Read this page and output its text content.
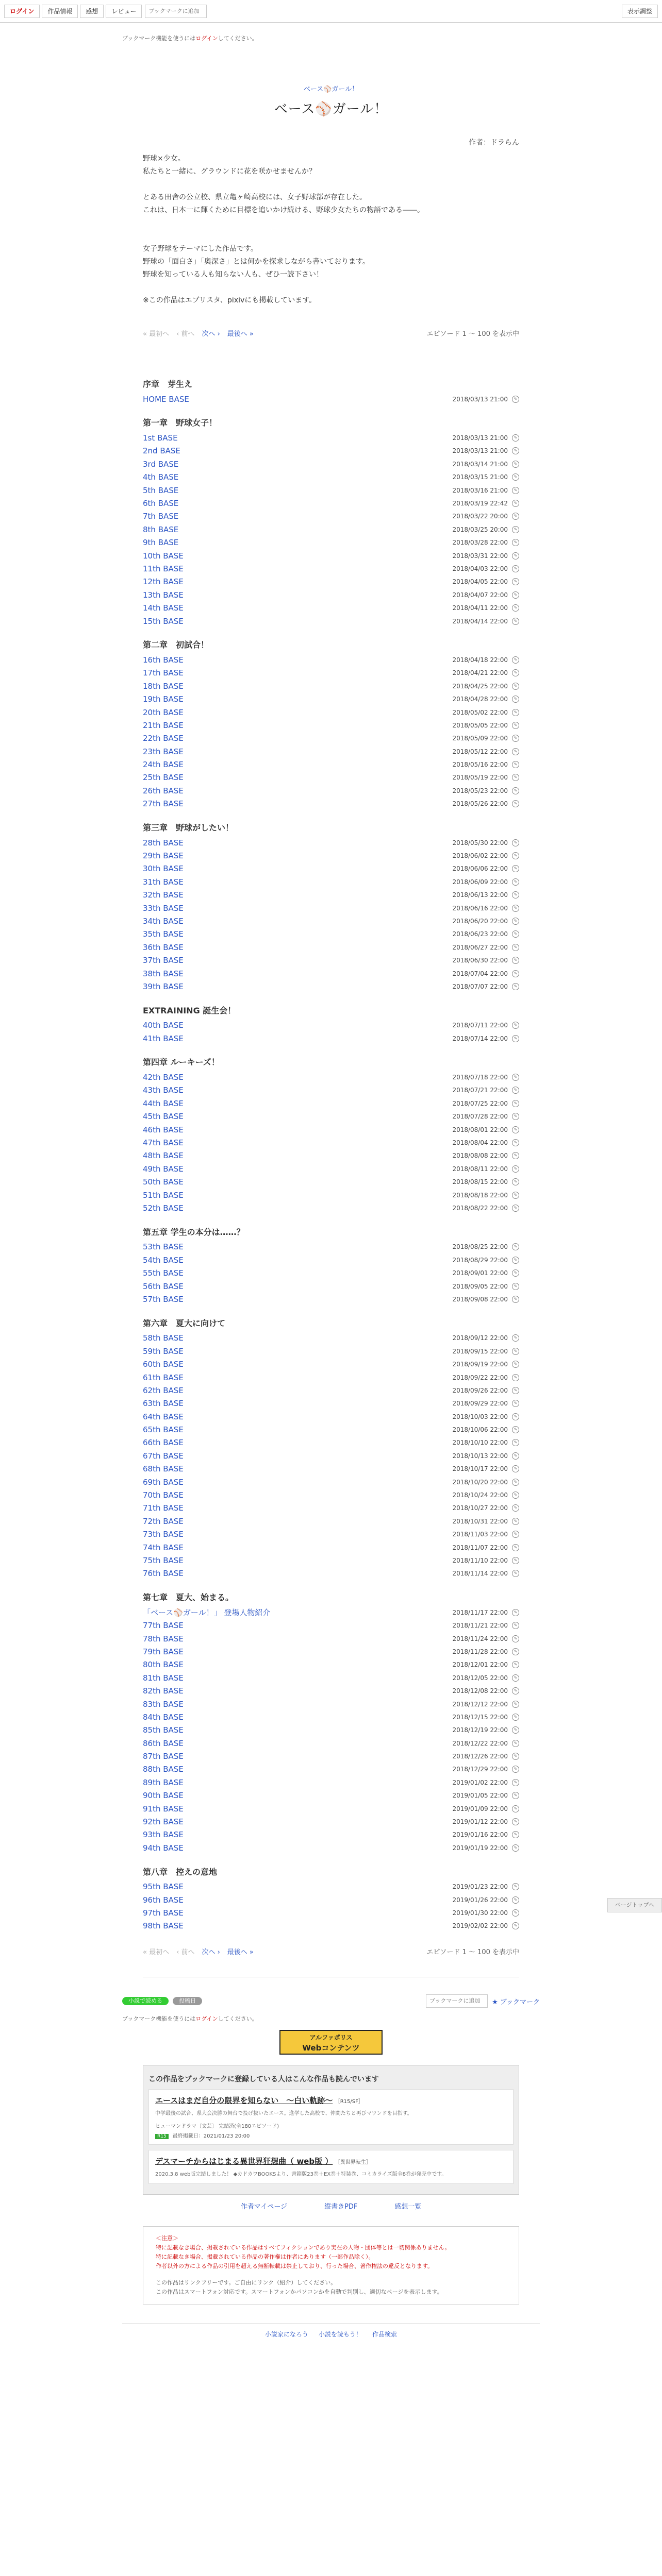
ログイン	作品情報	感想	レビュー
ブックマークに追加	表示調整
ブックマーク機能を使うにはログインしてください。
ベース⚾ガール！
ベース⚾ガール！
作者：ドラらん

野球×少女。

私たちと一緒に、グラウンドに花を咲かせませんか？

とある田舎の公立校、県立亀ヶ崎高校には、女子野球部が存在した。

これは、日本一に輝くために目標を追いかけ続ける、野球少女たちの物語である――。

女子野球をテーマにした作品です。

野球の「面白さ」「奥深さ」とは何かを探求しながら書いております。

野球を知っている人も知らない人も、ぜひ一読下さい！

※この作品はエブリスタ、pixivにも掲載しています。

« 最初へ ‹ 前へ 次へ › 最後へ »	エピソード 1 ～ 100 を表示中
序章　芽生え
HOME BASE	2018/03/13 21:00	✎
第一章　野球女子！
1st BASE	2018/03/13 21:00	✎
2nd BASE	2018/03/13 21:00	✎
3rd BASE	2018/03/14 21:00	✎
4th BASE	2018/03/15 21:00	✎
5th BASE	2018/03/16 21:00	✎
6th BASE	2018/03/19 22:42	✎
7th BASE	2018/03/22 20:00	✎
8th BASE	2018/03/25 20:00	✎
9th BASE	2018/03/28 22:00	✎
10th BASE	2018/03/31 22:00	✎
11th BASE	2018/04/03 22:00	✎
12th BASE	2018/04/05 22:00	✎
13th BASE	2018/04/07 22:00	✎
14th BASE	2018/04/11 22:00	✎
15th BASE	2018/04/14 22:00	✎
第二章　初試合！
16th BASE	2018/04/18 22:00	✎
17th BASE	2018/04/21 22:00	✎
18th BASE	2018/04/25 22:00	✎
19th BASE	2018/04/28 22:00	✎
20th BASE	2018/05/02 22:00	✎
21th BASE	2018/05/05 22:00	✎
22th BASE	2018/05/09 22:00	✎
23th BASE	2018/05/12 22:00	✎
24th BASE	2018/05/16 22:00	✎
25th BASE	2018/05/19 22:00	✎
26th BASE	2018/05/23 22:00	✎
27th BASE	2018/05/26 22:00	✎
第三章　野球がしたい！
28th BASE	2018/05/30 22:00	✎
29th BASE	2018/06/02 22:00	✎
30th BASE	2018/06/06 22:00	✎
31th BASE	2018/06/09 22:00	✎
32th BASE	2018/06/13 22:00	✎
33th BASE	2018/06/16 22:00	✎
34th BASE	2018/06/20 22:00	✎
35th BASE	2018/06/23 22:00	✎
36th BASE	2018/06/27 22:00	✎
37th BASE	2018/06/30 22:00	✎
38th BASE	2018/07/04 22:00	✎
39th BASE	2018/07/07 22:00	✎
EXTRAINING 誕生会！
40th BASE	2018/07/11 22:00	✎
41th BASE	2018/07/14 22:00	✎
第四章 ルーキーズ！
42th BASE	2018/07/18 22:00	✎
43th BASE	2018/07/21 22:00	✎
44th BASE	2018/07/25 22:00	✎
45th BASE	2018/07/28 22:00	✎
46th BASE	2018/08/01 22:00	✎
47th BASE	2018/08/04 22:00	✎
48th BASE	2018/08/08 22:00	✎
49th BASE	2018/08/11 22:00	✎
50th BASE	2018/08/15 22:00	✎
51th BASE	2018/08/18 22:00	✎
52th BASE	2018/08/22 22:00	✎
第五章 学生の本分は……？
53th BASE	2018/08/25 22:00	✎
54th BASE	2018/08/29 22:00	✎
55th BASE	2018/09/01 22:00	✎
56th BASE	2018/09/05 22:00	✎
57th BASE	2018/09/08 22:00	✎
第六章　夏大に向けて
58th BASE	2018/09/12 22:00	✎
59th BASE	2018/09/15 22:00	✎
60th BASE	2018/09/19 22:00	✎
61th BASE	2018/09/22 22:00	✎
62th BASE	2018/09/26 22:00	✎
63th BASE	2018/09/29 22:00	✎
64th BASE	2018/10/03 22:00	✎
65th BASE	2018/10/06 22:00	✎
66th BASE	2018/10/10 22:00	✎
67th BASE	2018/10/13 22:00	✎
68th BASE	2018/10/17 22:00	✎
69th BASE	2018/10/20 22:00	✎
70th BASE	2018/10/24 22:00	✎
71th BASE	2018/10/27 22:00	✎
72th BASE	2018/10/31 22:00	✎
73th BASE	2018/11/03 22:00	✎
74th BASE	2018/11/07 22:00	✎
75th BASE	2018/11/10 22:00	✎
76th BASE	2018/11/14 22:00	✎
第七章　夏大、始まる。
「ベース⚾ガール！」 登場人物紹介	2018/11/17 22:00	✎
77th BASE	2018/11/21 22:00	✎
78th BASE	2018/11/24 22:00	✎
79th BASE	2018/11/28 22:00	✎
80th BASE	2018/12/01 22:00	✎
81th BASE	2018/12/05 22:00	✎
82th BASE	2018/12/08 22:00	✎
83th BASE	2018/12/12 22:00	✎
84th BASE	2018/12/15 22:00	✎
85th BASE	2018/12/19 22:00	✎
86th BASE	2018/12/22 22:00	✎
87th BASE	2018/12/26 22:00	✎
88th BASE	2018/12/29 22:00	✎
89th BASE	2019/01/02 22:00	✎
90th BASE	2019/01/05 22:00	✎
91th BASE	2019/01/09 22:00	✎
92th BASE	2019/01/12 22:00	✎
93th BASE	2019/01/16 22:00	✎
94th BASE	2019/01/19 22:00	✎
第八章　控えの意地
95th BASE	2019/01/23 22:00	✎
96th BASE	2019/01/26 22:00	✎
97th BASE	2019/01/30 22:00	✎
98th BASE	2019/02/02 22:00	✎
« 最初へ ‹ 前へ 次へ › 最後へ »	エピソード 1 ～ 100 を表示中
小説で読める	投稿日
ブックマークに追加	★ ブックマーク
ブックマーク機能を使うにはログインしてください。
アルファポリス
Webコンテンツ
この作品をブックマークに登録している人はこんな作品も読んでいます
エースはまだ自分の限界を知らない　～白い軌跡～ ［R15/SF］
中学最後の試合、県大会決勝の舞台で投げ抜いたエース。進学した高校で、仲間たちと再びマウンドを目指す。
ヒューマンドラマ〔文芸〕 完結済(全180エピソード)
R15 最終掲載日：2021/01/23 20:00
デスマーチからはじまる異世界狂想曲（ web版 ） ［異世界転生］
2020.3.8 web版完結しました！ ◆カドカワBOOKSより、書籍版23巻＋EX巻＋特装巻、コミカライズ版全8巻が発売中です。
作者マイページ	縦書きPDF	感想一覧
＜注意＞
特に記載なき場合、掲載されている作品はすべてフィクションであり実在の人物・団体等とは一切関係ありません。
特に記載なき場合、掲載されている作品の著作権は作者にあります（一部作品除く）。
作者以外の方による作品の引用を超える無断転載は禁止しており、行った場合、著作権法の違反となります。
この作品はリンクフリーです。ご自由にリンク（紹介）してください。
この作品はスマートフォン対応です。スマートフォンかパソコンかを自動で判別し、適切なページを表示します。
小説家になろう 小説を読もう！ 作品検索
ページトップへ
